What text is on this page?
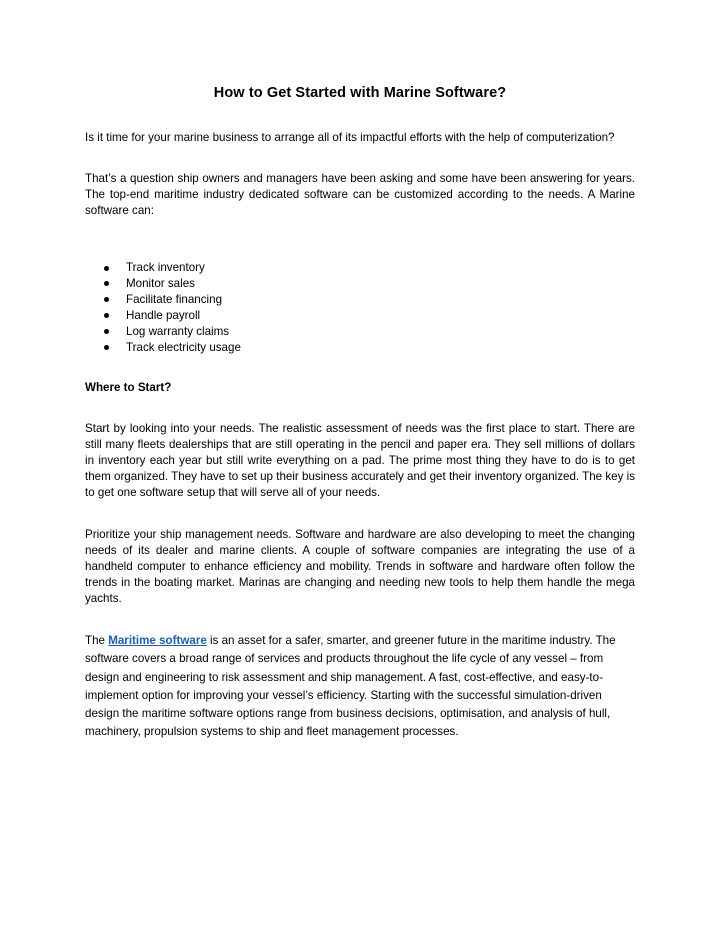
How to Get Started with Marine Software?
Is it time for your marine business to arrange all of its impactful efforts with the help of computerization?
That’s a question ship owners and managers have been asking and some have been answering for years. The top-end maritime industry dedicated software can be customized according to the needs. A Marine software can:
Track inventory
Monitor sales
Facilitate financing
Handle payroll
Log warranty claims
Track electricity usage
Where to Start?
Start by looking into your needs. The realistic assessment of needs was the first place to start. There are still many fleets dealerships that are still operating in the pencil and paper era. They sell millions of dollars in inventory each year but still write everything on a pad. The prime most thing they have to do is to get them organized. They have to set up their business accurately and get their inventory organized. The key is to get one software setup that will serve all of your needs.
Prioritize your ship management needs. Software and hardware are also developing to meet the changing needs of its dealer and marine clients. A couple of software companies are integrating the use of a handheld computer to enhance efficiency and mobility. Trends in software and hardware often follow the trends in the boating market. Marinas are changing and needing new tools to help them handle the mega yachts.
The Maritime software is an asset for a safer, smarter, and greener future in the maritime industry. The software covers a broad range of services and products throughout the life cycle of any vessel – from design and engineering to risk assessment and ship management. A fast, cost-effective, and easy-to-implement option for improving your vessel’s efficiency. Starting with the successful simulation-driven design the maritime software options range from business decisions, optimisation, and analysis of hull, machinery, propulsion systems to ship and fleet management processes.
